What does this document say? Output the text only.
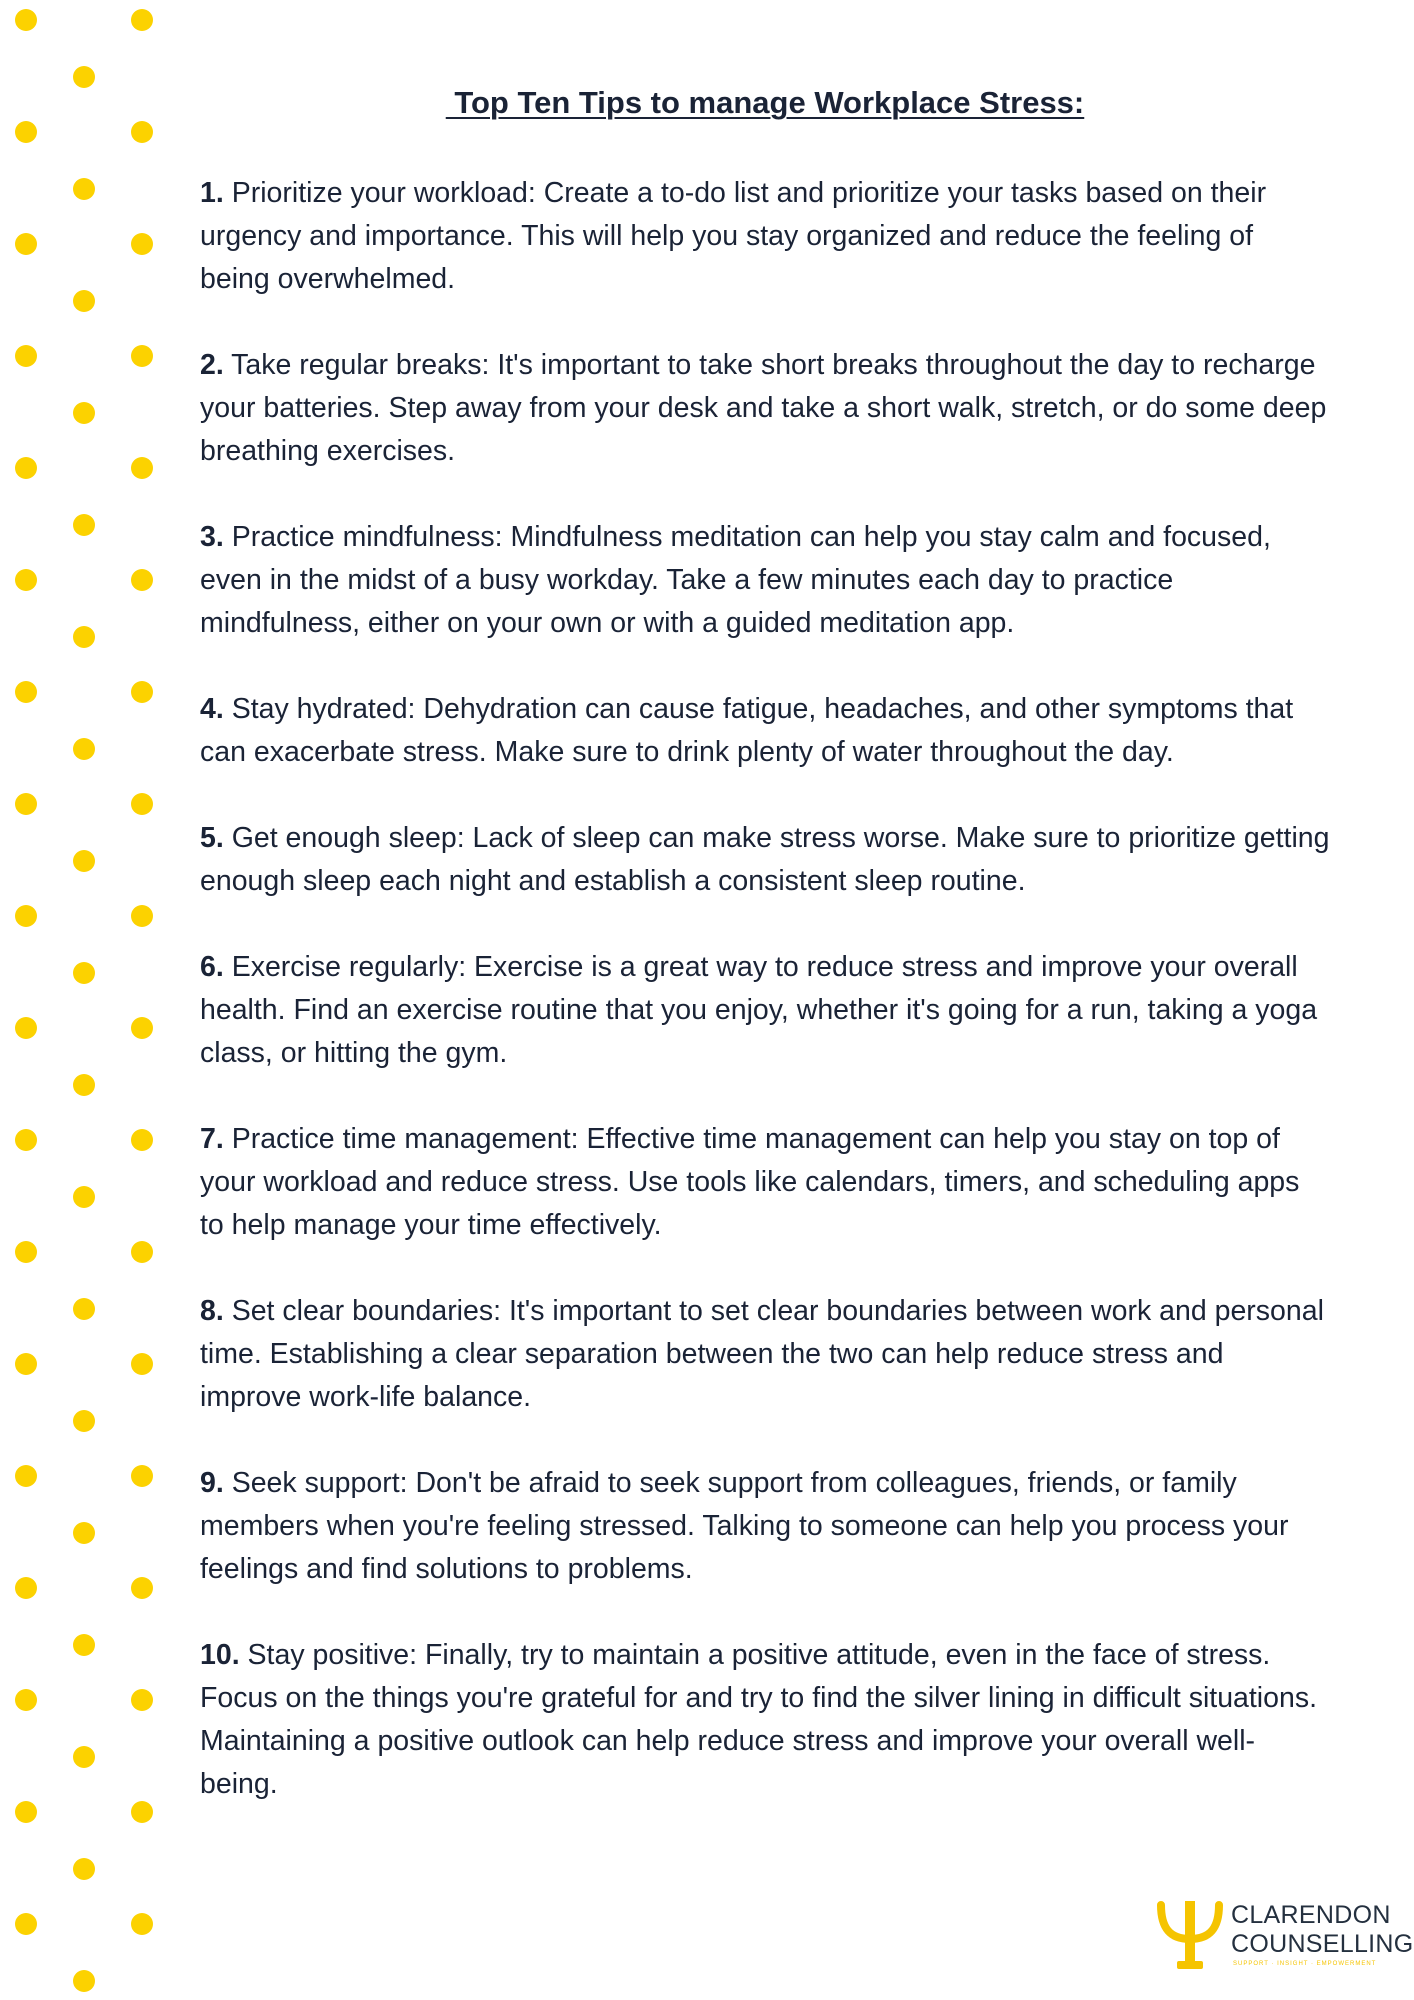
Top Ten Tips to manage Workplace Stress:
1. Prioritize your workload: Create a to-do list and prioritize your tasks based on their urgency and importance. This will help you stay organized and reduce the feeling of being overwhelmed.
2. Take regular breaks: It's important to take short breaks throughout the day to recharge your batteries. Step away from your desk and take a short walk, stretch, or do some deep breathing exercises.
3. Practice mindfulness: Mindfulness meditation can help you stay calm and focused, even in the midst of a busy workday. Take a few minutes each day to practice mindfulness, either on your own or with a guided meditation app.
4. Stay hydrated: Dehydration can cause fatigue, headaches, and other symptoms that can exacerbate stress. Make sure to drink plenty of water throughout the day.
5. Get enough sleep: Lack of sleep can make stress worse. Make sure to prioritize getting enough sleep each night and establish a consistent sleep routine.
6. Exercise regularly: Exercise is a great way to reduce stress and improve your overall health. Find an exercise routine that you enjoy, whether it's going for a run, taking a yoga class, or hitting the gym.
7. Practice time management: Effective time management can help you stay on top of your workload and reduce stress. Use tools like calendars, timers, and scheduling apps to help manage your time effectively.
8. Set clear boundaries: It's important to set clear boundaries between work and personal time. Establishing a clear separation between the two can help reduce stress and improve work-life balance.
9. Seek support: Don't be afraid to seek support from colleagues, friends, or family members when you're feeling stressed. Talking to someone can help you process your feelings and find solutions to problems.
10. Stay positive: Finally, try to maintain a positive attitude, even in the face of stress. Focus on the things you're grateful for and try to find the silver lining in difficult situations. Maintaining a positive outlook can help reduce stress and improve your overall well-being.
CLARENDON
COUNSELLING
SUPPORT · INSIGHT · EMPOWERMENT
